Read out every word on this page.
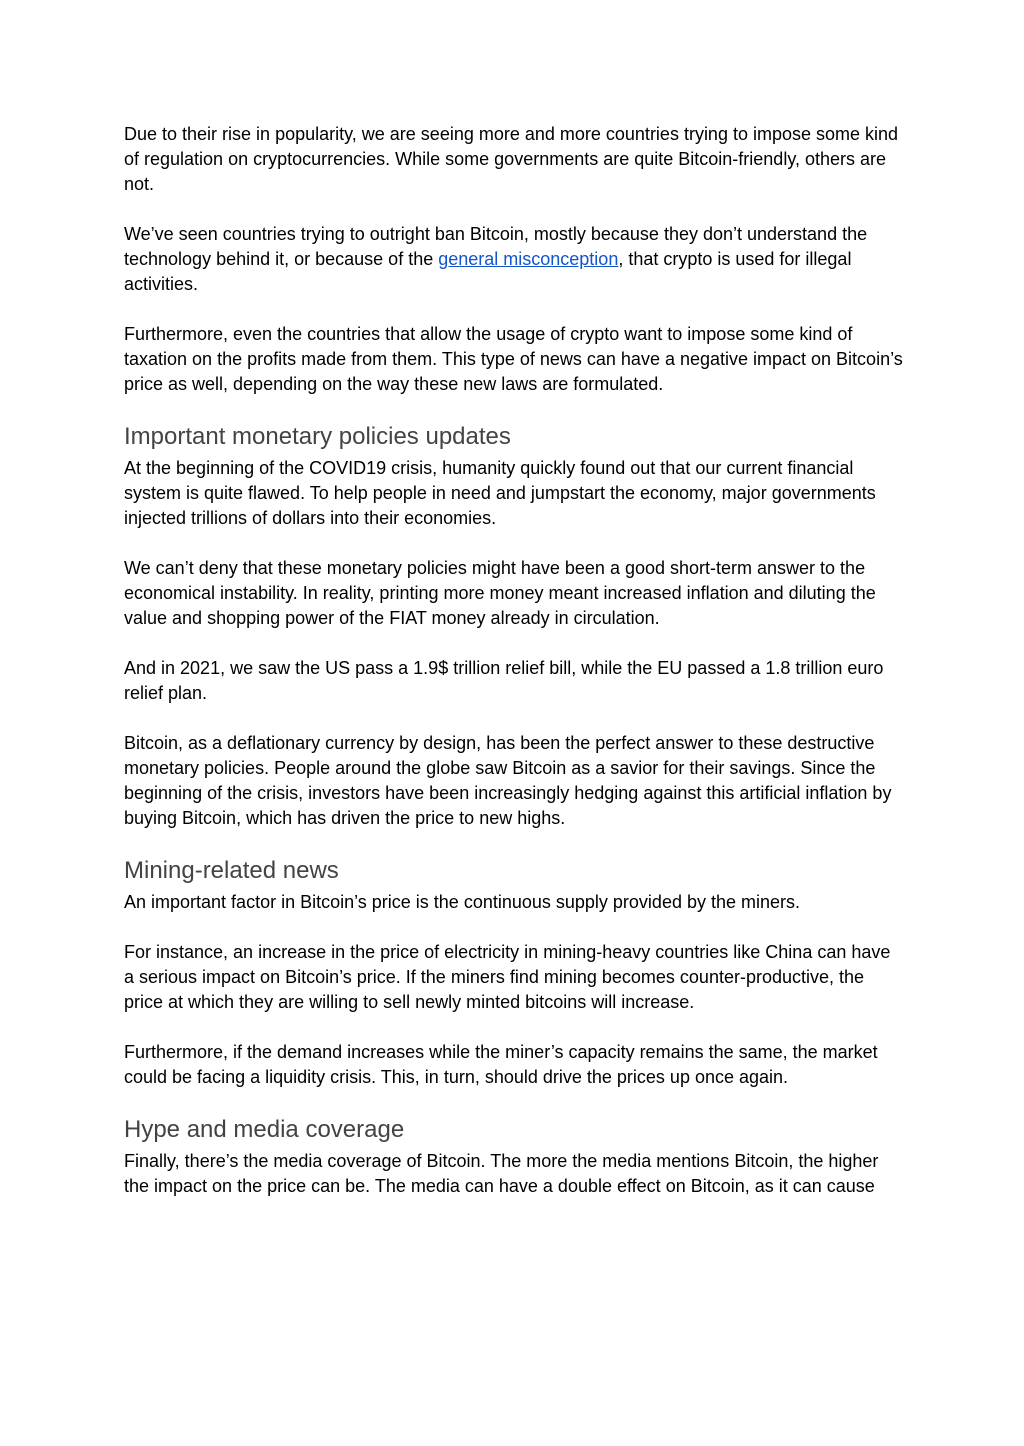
Due to their rise in popularity, we are seeing more and more countries trying to impose some kind of regulation on cryptocurrencies. While some governments are quite Bitcoin-friendly, others are not.

We’ve seen countries trying to outright ban Bitcoin, mostly because they don’t understand the technology behind it, or because of the general misconception, that crypto is used for illegal activities.

Furthermore, even the countries that allow the usage of crypto want to impose some kind of taxation on the profits made from them. This type of news can have a negative impact on Bitcoin’s price as well, depending on the way these new laws are formulated.

Important monetary policies updates

At the beginning of the COVID19 crisis, humanity quickly found out that our current financial system is quite flawed. To help people in need and jumpstart the economy, major governments injected trillions of dollars into their economies.

We can’t deny that these monetary policies might have been a good short-term answer to the economical instability. In reality, printing more money meant increased inflation and diluting the value and shopping power of the FIAT money already in circulation.

And in 2021, we saw the US pass a 1.9$ trillion relief bill, while the EU passed a 1.8 trillion euro relief plan.

Bitcoin, as a deflationary currency by design, has been the perfect answer to these destructive monetary policies. People around the globe saw Bitcoin as a savior for their savings. Since the beginning of the crisis, investors have been increasingly hedging against this artificial inflation by buying Bitcoin, which has driven the price to new highs.

Mining-related news

An important factor in Bitcoin’s price is the continuous supply provided by the miners.

For instance, an increase in the price of electricity in mining-heavy countries like China can have a serious impact on Bitcoin’s price. If the miners find mining becomes counter-productive, the price at which they are willing to sell newly minted bitcoins will increase.

Furthermore, if the demand increases while the miner’s capacity remains the same, the market could be facing a liquidity crisis. This, in turn, should drive the prices up once again.

Hype and media coverage

Finally, there’s the media coverage of Bitcoin. The more the media mentions Bitcoin, the higher the impact on the price can be. The media can have a double effect on Bitcoin, as it can cause
